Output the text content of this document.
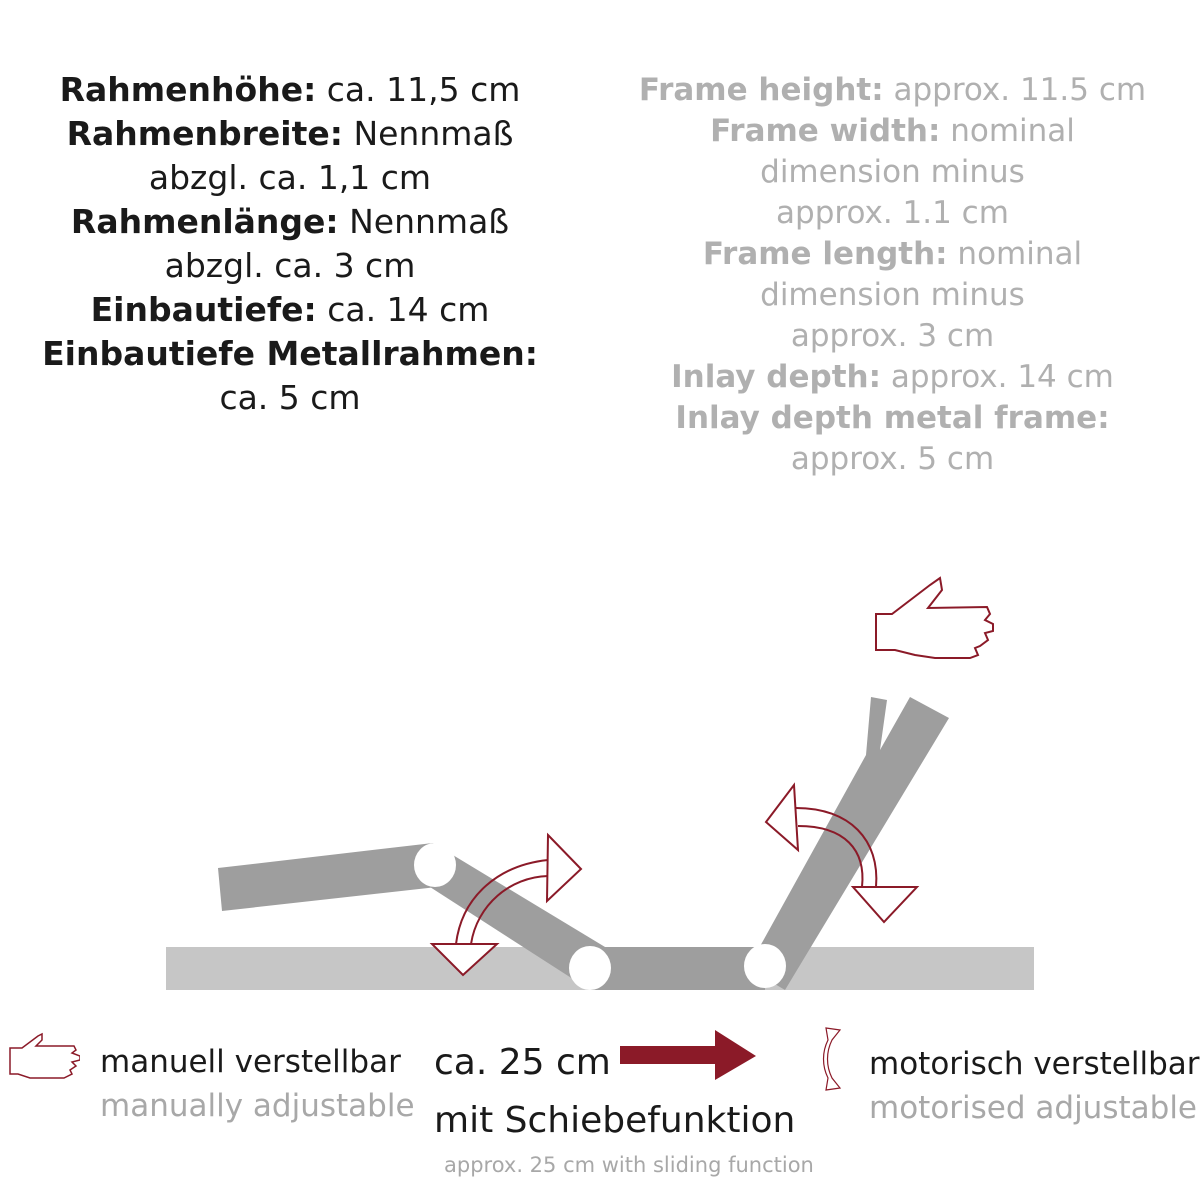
Rahmenhöhe: ca. 11,5 cm
Rahmenbreite: Nennmaß
abzgl. ca. 1,1 cm
Rahmenlänge: Nennmaß
abzgl. ca. 3 cm
Einbautiefe: ca. 14 cm
Einbautiefe Metallrahmen:
ca. 5 cm
Frame height: approx. 11.5 cm
Frame width: nominal
dimension minus
approx. 1.1 cm
Frame length: nominal
dimension minus
approx. 3 cm
Inlay depth: approx. 14 cm
Inlay depth metal frame:
approx. 5 cm
manuell verstellbar
manually adjustable
ca. 25 cm
mit Schiebefunktion
approx. 25 cm with sliding function
motorisch verstellbar
motorised adjustable
